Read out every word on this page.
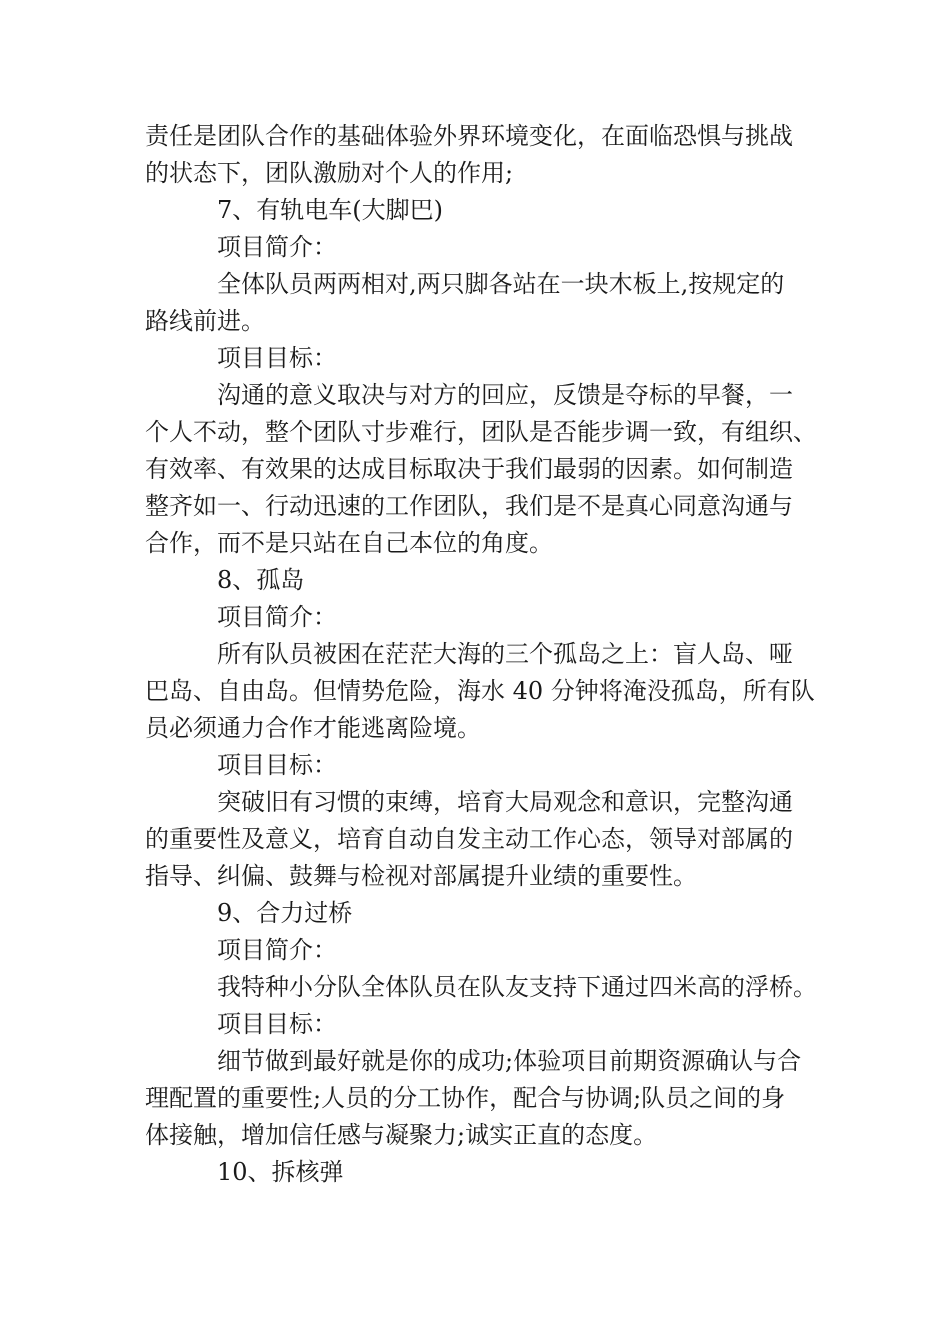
责任是团队合作的基础体验外界环境变化，在面临恐惧与挑战
的状态下，团队激励对个人的作用;
7、有轨电车(大脚巴)
项目简介：
全体队员两两相对,两只脚各站在一块木板上,按规定的
路线前进。
项目目标：
沟通的意义取决与对方的回应，反馈是夺标的早餐，一
个人不动，整个团队寸步难行，团队是否能步调一致，有组织、
有效率、有效果的达成目标取决于我们最弱的因素。如何制造
整齐如一、行动迅速的工作团队，我们是不是真心同意沟通与
合作，而不是只站在自己本位的角度。
8、孤岛
项目简介：
所有队员被困在茫茫大海的三个孤岛之上：盲人岛、哑
巴岛、自由岛。但情势危险，海水 40 分钟将淹没孤岛，所有队
员必须通力合作才能逃离险境。
项目目标：
突破旧有习惯的束缚，培育大局观念和意识，完整沟通
的重要性及意义，培育自动自发主动工作心态，领导对部属的
指导、纠偏、鼓舞与检视对部属提升业绩的重要性。
9、合力过桥
项目简介：
我特种小分队全体队员在队友支持下通过四米高的浮桥。
项目目标：
细节做到最好就是你的成功;体验项目前期资源确认与合
理配置的重要性;人员的分工协作，配合与协调;队员之间的身
体接触，增加信任感与凝聚力;诚实正直的态度。
10、拆核弹
